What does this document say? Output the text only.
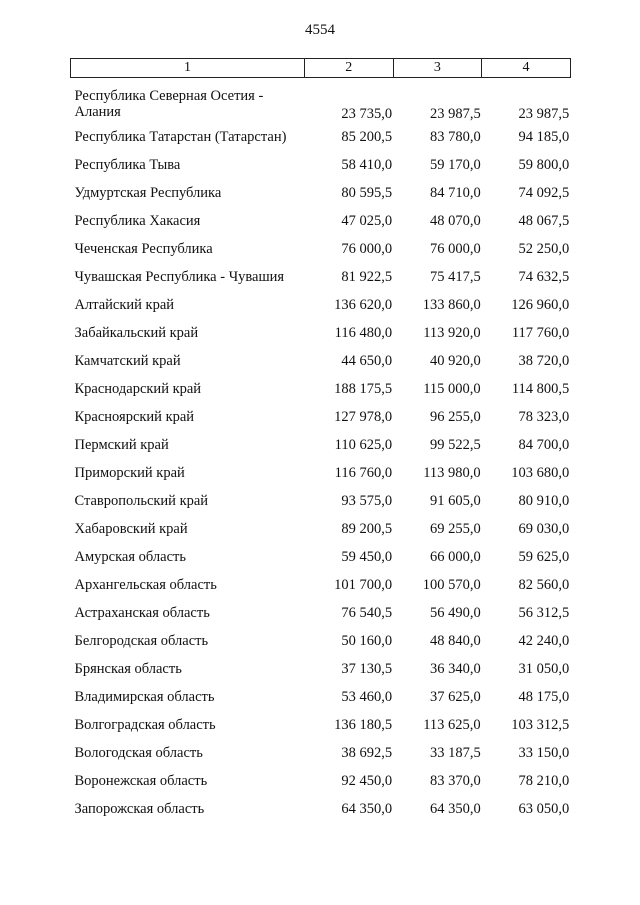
4554
1	2	3	4
Республика Северная Осетия - Алания	23 735,0	23 987,5	23 987,5
Республика Татарстан (Татарстан)	85 200,5	83 780,0	94 185,0
Республика Тыва	58 410,0	59 170,0	59 800,0
Удмуртская Республика	80 595,5	84 710,0	74 092,5
Республика Хакасия	47 025,0	48 070,0	48 067,5
Чеченская Республика	76 000,0	76 000,0	52 250,0
Чувашская Республика - Чувашия	81 922,5	75 417,5	74 632,5
Алтайский край	136 620,0	133 860,0	126 960,0
Забайкальский край	116 480,0	113 920,0	117 760,0
Камчатский край	44 650,0	40 920,0	38 720,0
Краснодарский край	188 175,5	115 000,0	114 800,5
Красноярский край	127 978,0	96 255,0	78 323,0
Пермский край	110 625,0	99 522,5	84 700,0
Приморский край	116 760,0	113 980,0	103 680,0
Ставропольский край	93 575,0	91 605,0	80 910,0
Хабаровский край	89 200,5	69 255,0	69 030,0
Амурская область	59 450,0	66 000,0	59 625,0
Архангельская область	101 700,0	100 570,0	82 560,0
Астраханская область	76 540,5	56 490,0	56 312,5
Белгородская область	50 160,0	48 840,0	42 240,0
Брянская область	37 130,5	36 340,0	31 050,0
Владимирская область	53 460,0	37 625,0	48 175,0
Волгоградская область	136 180,5	113 625,0	103 312,5
Вологодская область	38 692,5	33 187,5	33 150,0
Воронежская область	92 450,0	83 370,0	78 210,0
Запорожская область	64 350,0	64 350,0	63 050,0
